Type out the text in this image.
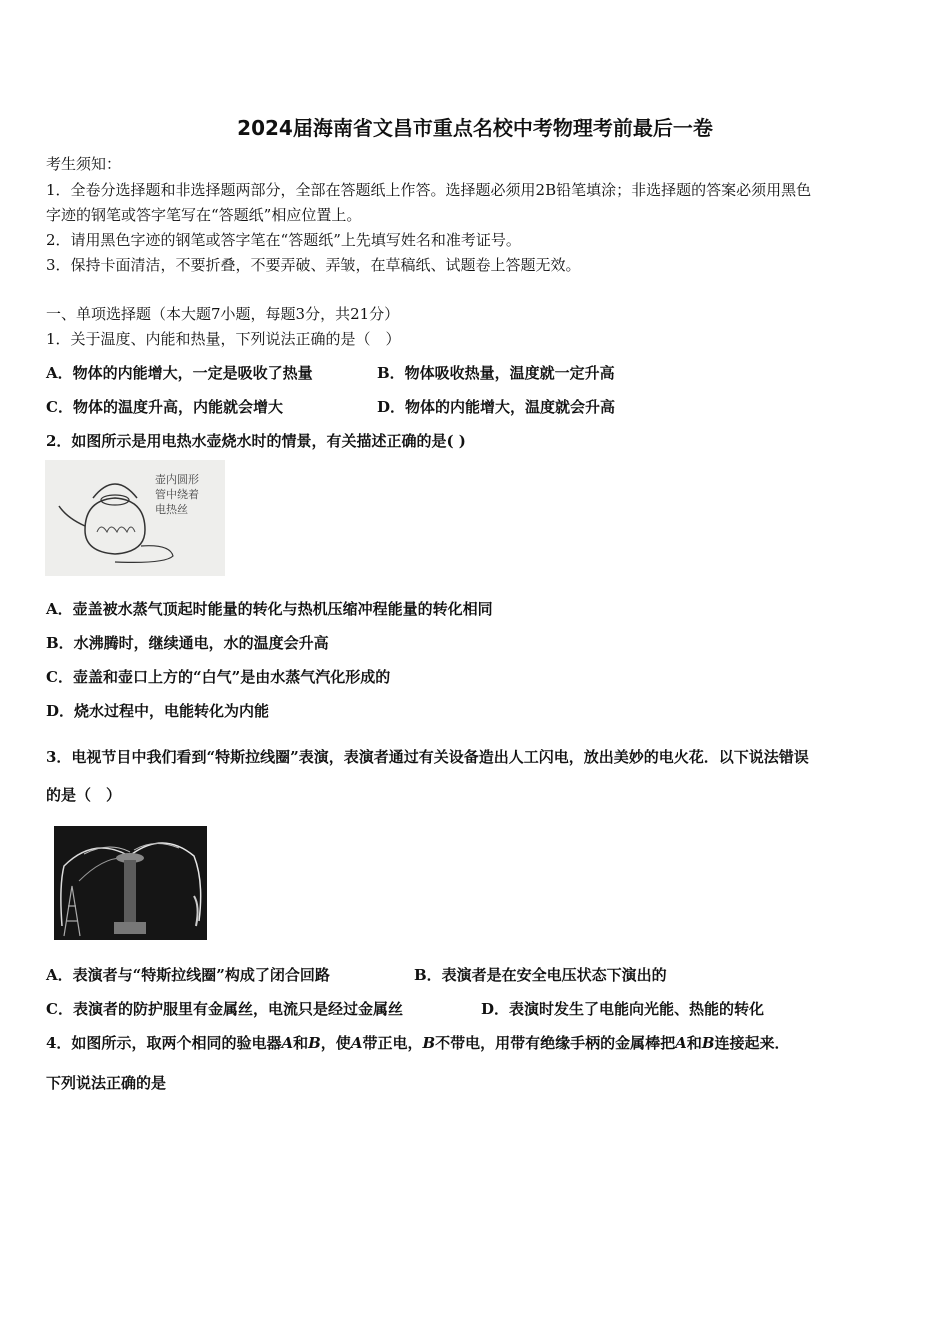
2024届海南省文昌市重点名校中考物理考前最后一卷
考生须知：
1．全卷分选择题和非选择题两部分，全部在答题纸上作答。选择题必须用2B铅笔填涂；非选择题的答案必须用黑色
字迹的钢笔或答字笔写在“答题纸”相应位置上。
2．请用黑色字迹的钢笔或答字笔在“答题纸”上先填写姓名和准考证号。
3．保持卡面清洁，不要折叠，不要弄破、弄皱，在草稿纸、试题卷上答题无效。
一、单项选择题（本大题7小题，每题3分，共21分）
1．关于温度、内能和热量，下列说法正确的是（　）
A．物体的内能增大，一定是吸收了热量	B．物体吸收热量，温度就一定升高
C．物体的温度升高，内能就会增大	D．物体的内能增大，温度就会升高
2．如图所示是用电热水壶烧水时的情景，有关描述正确的是( )
壶内圆形
管中绕着
电热丝
A．壶盖被水蒸气顶起时能量的转化与热机压缩冲程能量的转化相同
B．水沸腾时，继续通电，水的温度会升高
C．壶盖和壶口上方的“白气”是由水蒸气汽化形成的
D．烧水过程中，电能转化为内能
3．电视节目中我们看到“特斯拉线圈”表演，表演者通过有关设备造出人工闪电，放出美妙的电火花．以下说法错误
的是（　）
A．表演者与“特斯拉线圈”构成了闭合回路	B．表演者是在安全电压状态下演出的
C．表演者的防护服里有金属丝，电流只是经过金属丝	D．表演时发生了电能向光能、热能的转化
4．如图所示，取两个相同的验电器A和B，使A带正电，B不带电，用带有绝缘手柄的金属棒把A和B连接起来．
下列说法正确的是
